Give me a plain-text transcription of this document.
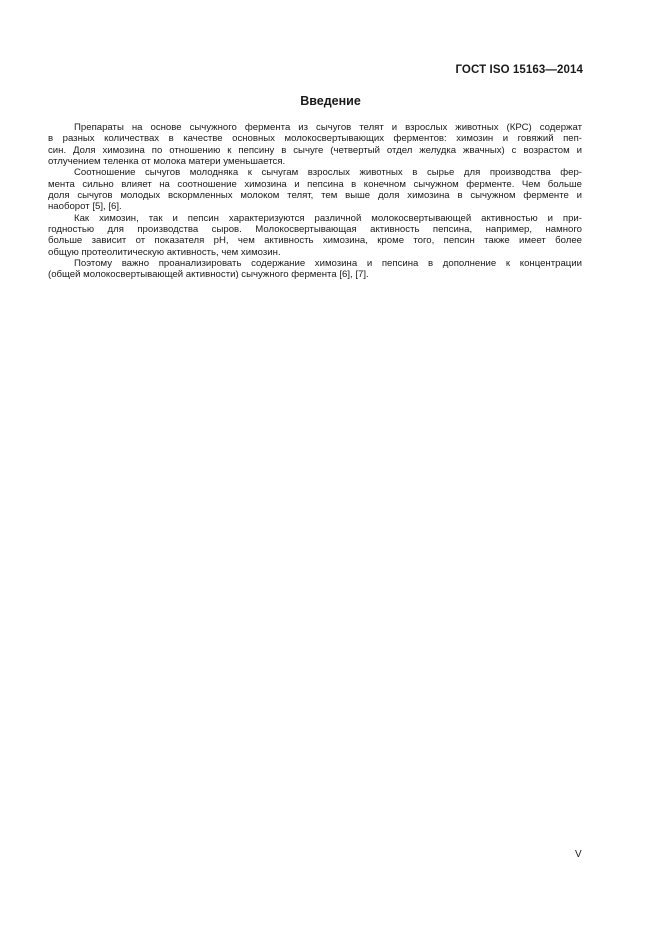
ГОСТ ISO 15163—2014
Введение
Препараты на основе сычужного фермента из сычугов телят и взрослых животных (КРС) содержат
в разных количествах в качестве основных молокосвертывающих ферментов: химозин и говяжий пеп-
син. Доля химозина по отношению к пепсину в сычуге (четвертый отдел желудка жвачных) с возрастом и
отлучением теленка от молока матери уменьшается.
Соотношение сычугов молодняка к сычугам взрослых животных в сырье для производства фер-
мента сильно влияет на соотношение химозина и пепсина в конечном сычужном ферменте. Чем больше
доля сычугов молодых вскормленных молоком телят, тем выше доля химозина в сычужном ферменте и
наоборот [5], [6].
Как химозин, так и пепсин характеризуются различной молокосвертывающей активностью и при-
годностью для производства сыров. Молокосвертывающая активность пепсина, например, намного
больше зависит от показателя pH, чем активность химозина, кроме того, пепсин также имеет более
общую протеолитическую активность, чем химозин.
Поэтому важно проанализировать содержание химозина и пепсина в дополнение к концентрации
(общей молокосвертывающей активности) сычужного фермента [6], [7].
V
